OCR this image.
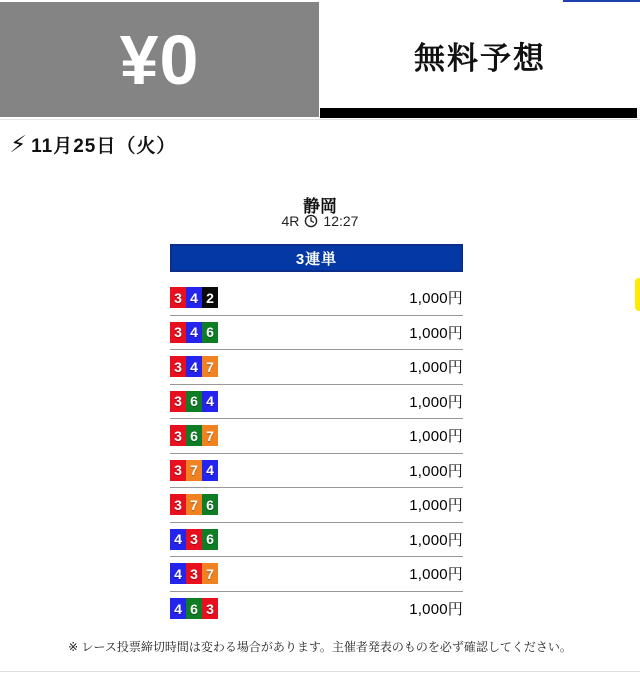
¥0	無料予想
⚡ 11月25日（火）
静岡
4R 12:27
3連単
3 4 2	1,000円
3 4 6	1,000円
3 4 7	1,000円
3 6 4	1,000円
3 6 7	1,000円
3 7 4	1,000円
3 7 6	1,000円
4 3 6	1,000円
4 3 7	1,000円
4 6 3	1,000円
※ レース投票締切時間は変わる場合があります。主催者発表のものを必ず確認してください。
